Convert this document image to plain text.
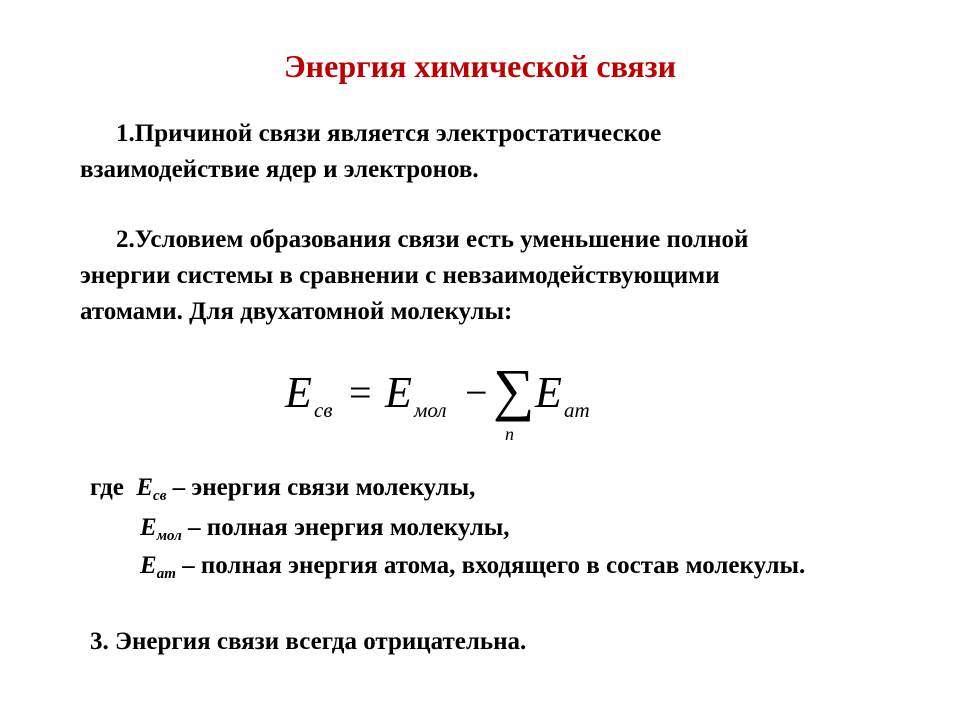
Энергия химической связи
1.Причиной связи является электростатическое
взаимодействие ядер и электронов.
2.Условием образования связи есть уменьшение полной
энергии системы в сравнении с невзаимодействующими
атомами. Для двухатомной молекулы:
E св = E мол − ∑
n
E ат
где $E_{св}$ – энергия связи молекулы,
$E_{мол}$ – полная энергия молекулы,
$E_{ат}$ – полная энергия атома, входящего в состав молекулы.
3. Энергия связи всегда отрицательна.
